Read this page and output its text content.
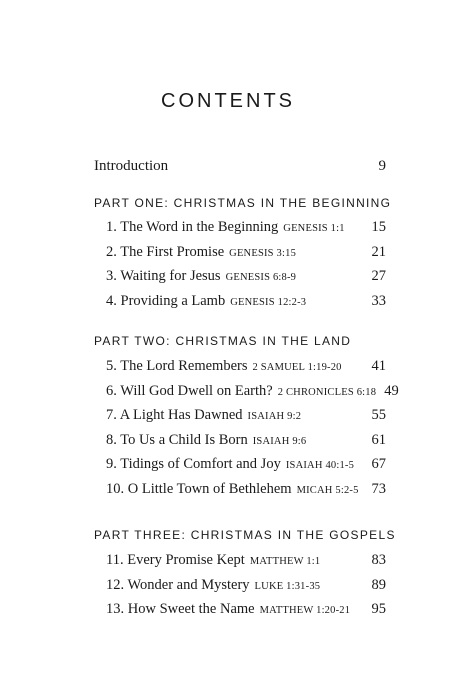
CONTENTS
Introduction	9
PART ONE: CHRISTMAS IN THE BEGINNING
1. The Word in the Beginning GENESIS 1:1	15
2. The First Promise GENESIS 3:15	21
3. Waiting for Jesus GENESIS 6:8-9	27
4. Providing a Lamb GENESIS 12:2-3	33
PART TWO: CHRISTMAS IN THE LAND
5. The Lord Remembers 2 SAMUEL 1:19-20	41
6. Will God Dwell on Earth? 2 CHRONICLES 6:18 49
7. A Light Has Dawned ISAIAH 9:2	55
8. To Us a Child Is Born ISAIAH 9:6	61
9. Tidings of Comfort and Joy ISAIAH 40:1-5	67
10. O Little Town of Bethlehem MICAH 5:2-5 73
PART THREE: CHRISTMAS IN THE GOSPELS
11. Every Promise Kept MATTHEW 1:1	83
12. Wonder and Mystery LUKE 1:31-35	89
13. How Sweet the Name MATTHEW 1:20-21	95
